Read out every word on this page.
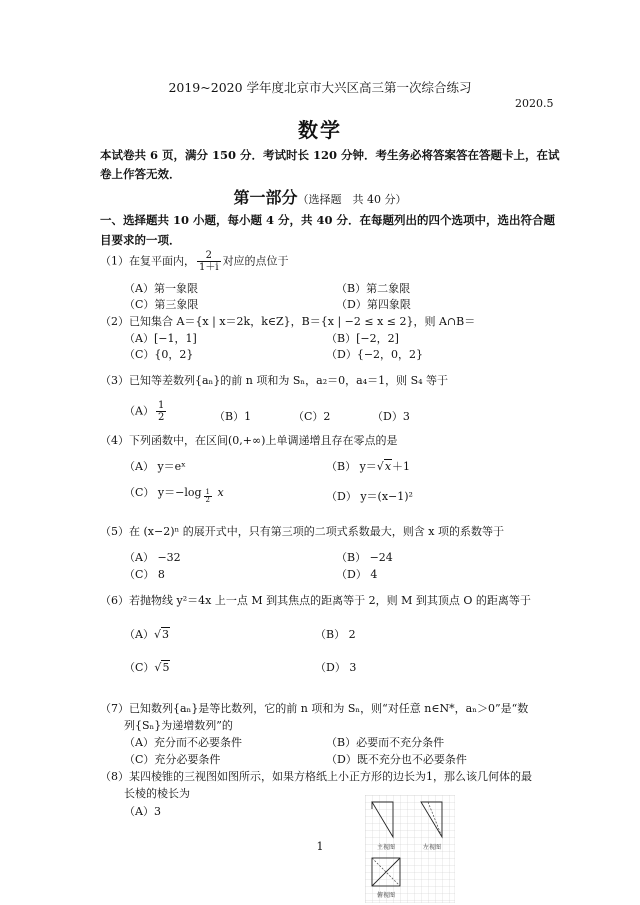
2019~2020 学年度北京市大兴区高三第一次综合练习
2020.5
数学
本试卷共 6 页，满分 150 分．考试时长 120 分钟．考生务必将答案答在答题卡上，在试卷上作答无效．
第一部分（选择题　共 40 分）
一、选择题共 10 小题，每小题 4 分，共 40 分．在每题列出的四个选项中，选出符合题目要求的一项．
（1）在复平面内， $\frac{2}{1+i}$ 对应的点位于
（A）第一象限	（B）第二象限
（C）第三象限	（D）第四象限
（2）已知集合 A＝{x | x＝2k，k∈Z}，B＝{x | −2 ≤ x ≤ 2}，则 A∩B＝
（A）[−1，1]	（B）[−2，2]
（C）{0，2}	（D）{−2，0，2}
（3）已知等差数列{aₙ}的前 n 项和为 Sₙ，a₂＝0，a₄＝1，则 S₄ 等于
$(A) \frac{1}{2}$	（B）1	（C）2	（D）3
（4）下列函数中，在区间(0,+∞)上单调递增且存在零点的是
（A） y＝eˣ	（B） y＝√x＋1
（C） $y=-\log \frac{1}{2}$ x	（D） y＝(x−1)²
（5）在 (x−2)ⁿ 的展开式中，只有第三项的二项式系数最大，则含 x 项的系数等于
（A） −32	（B） −24
（C） 8	（D） 4
（6）若抛物线 y²＝4x 上一点 M 到其焦点的距离等于 2，则 M 到其顶点 O 的距离等于
（A）√3	（B） 2
（C）√5	（D） 3
（7）已知数列{aₙ}是等比数列，它的前 n 项和为 Sₙ，则“对任意 n∈N*，aₙ＞0”是“数
列{Sₙ}为递增数列”的
（A）充分而不必要条件	（B）必要而不充分条件
（C）充分必要条件	（D）既不充分也不必要条件
（8）某四棱锥的三视图如图所示，如果方格纸上小正方形的边长为1，那么该几何体的最
长棱的棱长为
（A）3
1	主视图	左视图
俯视图
